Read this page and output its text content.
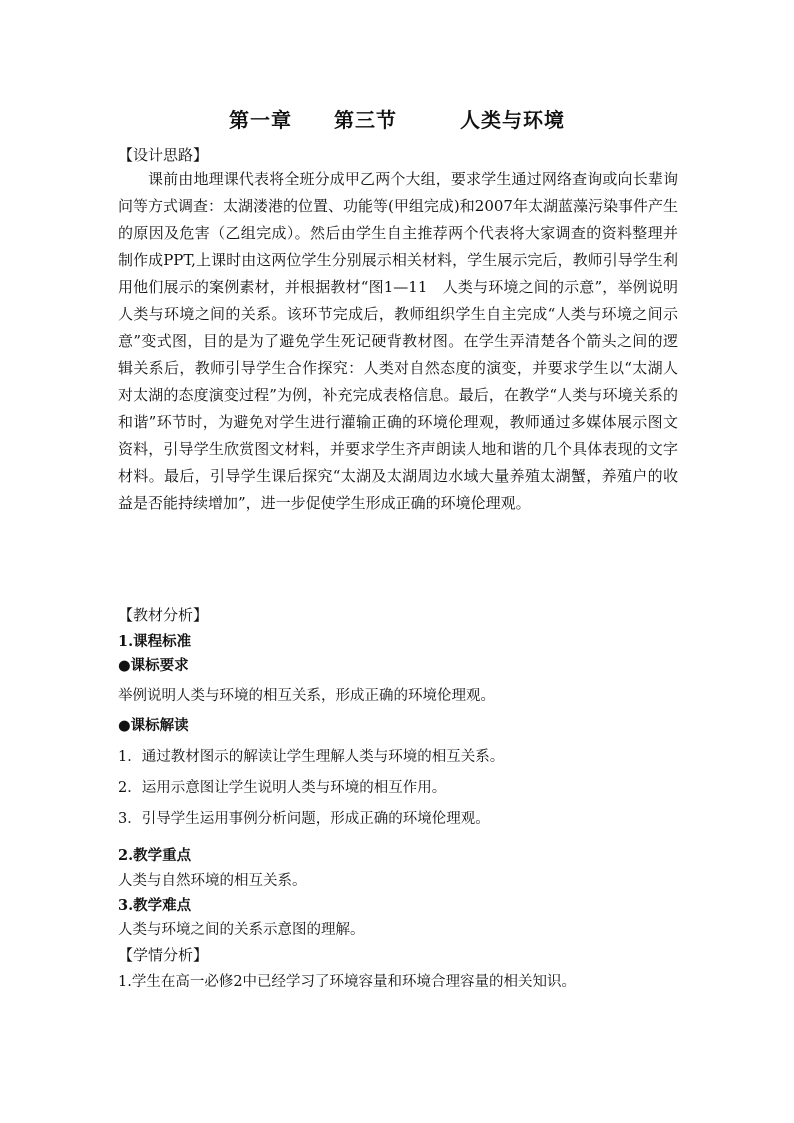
第一章　　第三节　　　人类与环境
【设计思路】
课前由地理课代表将全班分成甲乙两个大组，要求学生通过网络查询或向长辈询问等方式调查：太湖溇港的位置、功能等(甲组完成)和2007年太湖蓝藻污染事件产生的原因及危害（乙组完成）。然后由学生自主推荐两个代表将大家调查的资料整理并制作成PPT,上课时由这两位学生分别展示相关材料，学生展示完后，教师引导学生利用他们展示的案例素材，并根据教材“图1—11　人类与环境之间的示意”，举例说明人类与环境之间的关系。该环节完成后，教师组织学生自主完成“人类与环境之间示意”变式图，目的是为了避免学生死记硬背教材图。在学生弄清楚各个箭头之间的逻辑关系后，教师引导学生合作探究：人类对自然态度的演变，并要求学生以“太湖人对太湖的态度演变过程”为例，补充完成表格信息。最后，在教学“人类与环境关系的和谐”环节时，为避免对学生进行灌输正确的环境伦理观，教师通过多媒体展示图文资料，引导学生欣赏图文材料，并要求学生齐声朗读人地和谐的几个具体表现的文字材料。最后，引导学生课后探究“太湖及太湖周边水域大量养殖太湖蟹，养殖户的收益是否能持续增加”，进一步促使学生形成正确的环境伦理观。
【教材分析】
1.课程标准
●课标要求
举例说明人类与环境的相互关系，形成正确的环境伦理观。
●课标解读
1．通过教材图示的解读让学生理解人类与环境的相互关系。
2．运用示意图让学生说明人类与环境的相互作用。
3．引导学生运用事例分析问题，形成正确的环境伦理观。
2.教学重点
人类与自然环境的相互关系。
3.教学难点
人类与环境之间的关系示意图的理解。
【学情分析】
1.学生在高一必修2中已经学习了环境容量和环境合理容量的相关知识。
